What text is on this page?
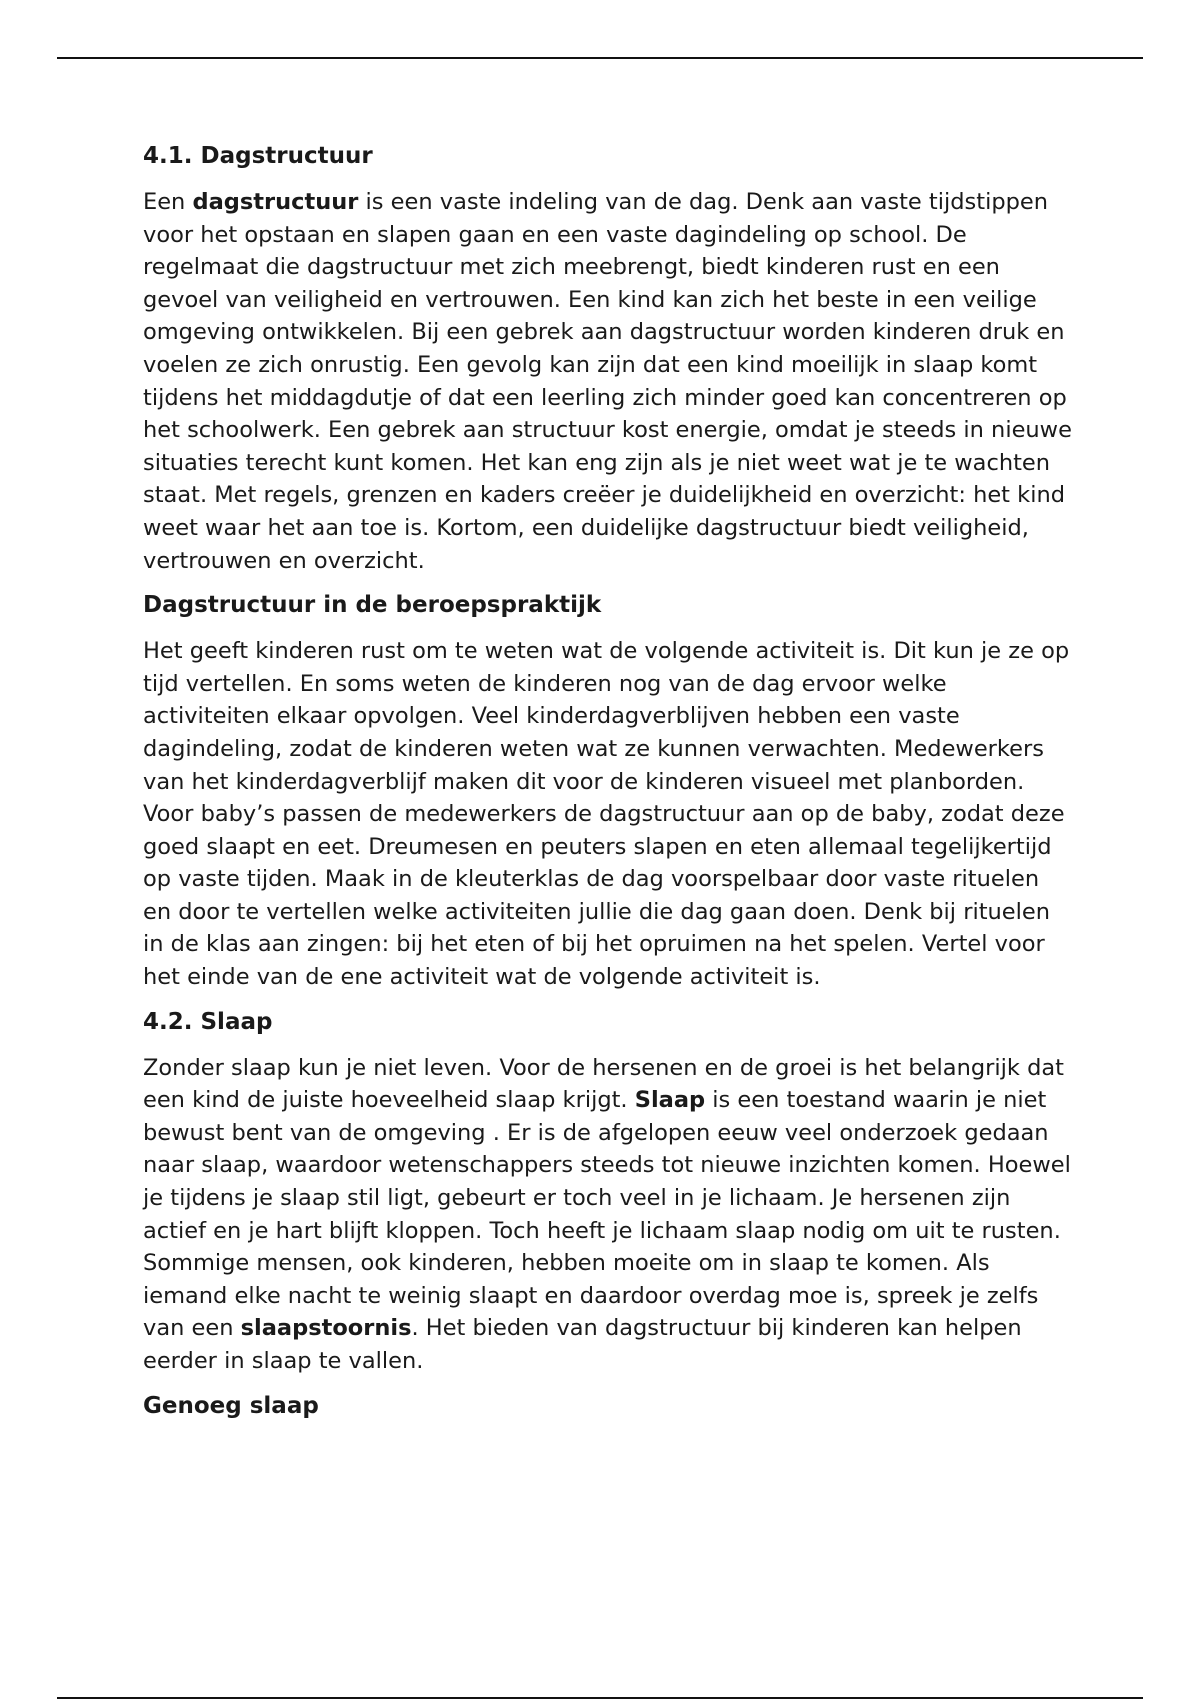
4.1. Dagstructuur

Een dagstructuur is een vaste indeling van de dag. Denk aan vaste tijdstippen voor het opstaan en slapen gaan en een vaste dagindeling op school. De regelmaat die dagstructuur met zich meebrengt, biedt kinderen rust en een gevoel van veiligheid en vertrouwen. Een kind kan zich het beste in een veilige omgeving ontwikkelen. Bij een gebrek aan dagstructuur worden kinderen druk en voelen ze zich onrustig. Een gevolg kan zijn dat een kind moeilijk in slaap komt tijdens het middagdutje of dat een leerling zich minder goed kan concentreren op het schoolwerk. Een gebrek aan structuur kost energie, omdat je steeds in nieuwe situaties terecht kunt komen. Het kan eng zijn als je niet weet wat je te wachten staat. Met regels, grenzen en kaders creëer je duidelijkheid en overzicht: het kind weet waar het aan toe is. Kortom, een duidelijke dagstructuur biedt veiligheid, vertrouwen en overzicht.

Dagstructuur in de beroepspraktijk

Het geeft kinderen rust om te weten wat de volgende activiteit is. Dit kun je ze op tijd vertellen. En soms weten de kinderen nog van de dag ervoor welke activiteiten elkaar opvolgen. Veel kinderdagverblijven hebben een vaste dagindeling, zodat de kinderen weten wat ze kunnen verwachten. Medewerkers van het kinderdagverblijf maken dit voor de kinderen visueel met planborden. Voor baby’s passen de medewerkers de dagstructuur aan op de baby, zodat deze goed slaapt en eet. Dreumesen en peuters slapen en eten allemaal tegelijkertijd op vaste tijden. Maak in de kleuterklas de dag voorspelbaar door vaste rituelen en door te vertellen welke activiteiten jullie die dag gaan doen. Denk bij rituelen in de klas aan zingen: bij het eten of bij het opruimen na het spelen. Vertel voor het einde van de ene activiteit wat de volgende activiteit is.

4.2. Slaap

Zonder slaap kun je niet leven. Voor de hersenen en de groei is het belangrijk dat een kind de juiste hoeveelheid slaap krijgt. Slaap is een toestand waarin je niet bewust bent van de omgeving . Er is de afgelopen eeuw veel onderzoek gedaan naar slaap, waardoor wetenschappers steeds tot nieuwe inzichten komen. Hoewel je tijdens je slaap stil ligt, gebeurt er toch veel in je lichaam. Je hersenen zijn actief en je hart blijft kloppen. Toch heeft je lichaam slaap nodig om uit te rusten. Sommige mensen, ook kinderen, hebben moeite om in slaap te komen. Als iemand elke nacht te weinig slaapt en daardoor overdag moe is, spreek je zelfs van een slaapstoornis. Het bieden van dagstructuur bij kinderen kan helpen eerder in slaap te vallen.

Genoeg slaap
